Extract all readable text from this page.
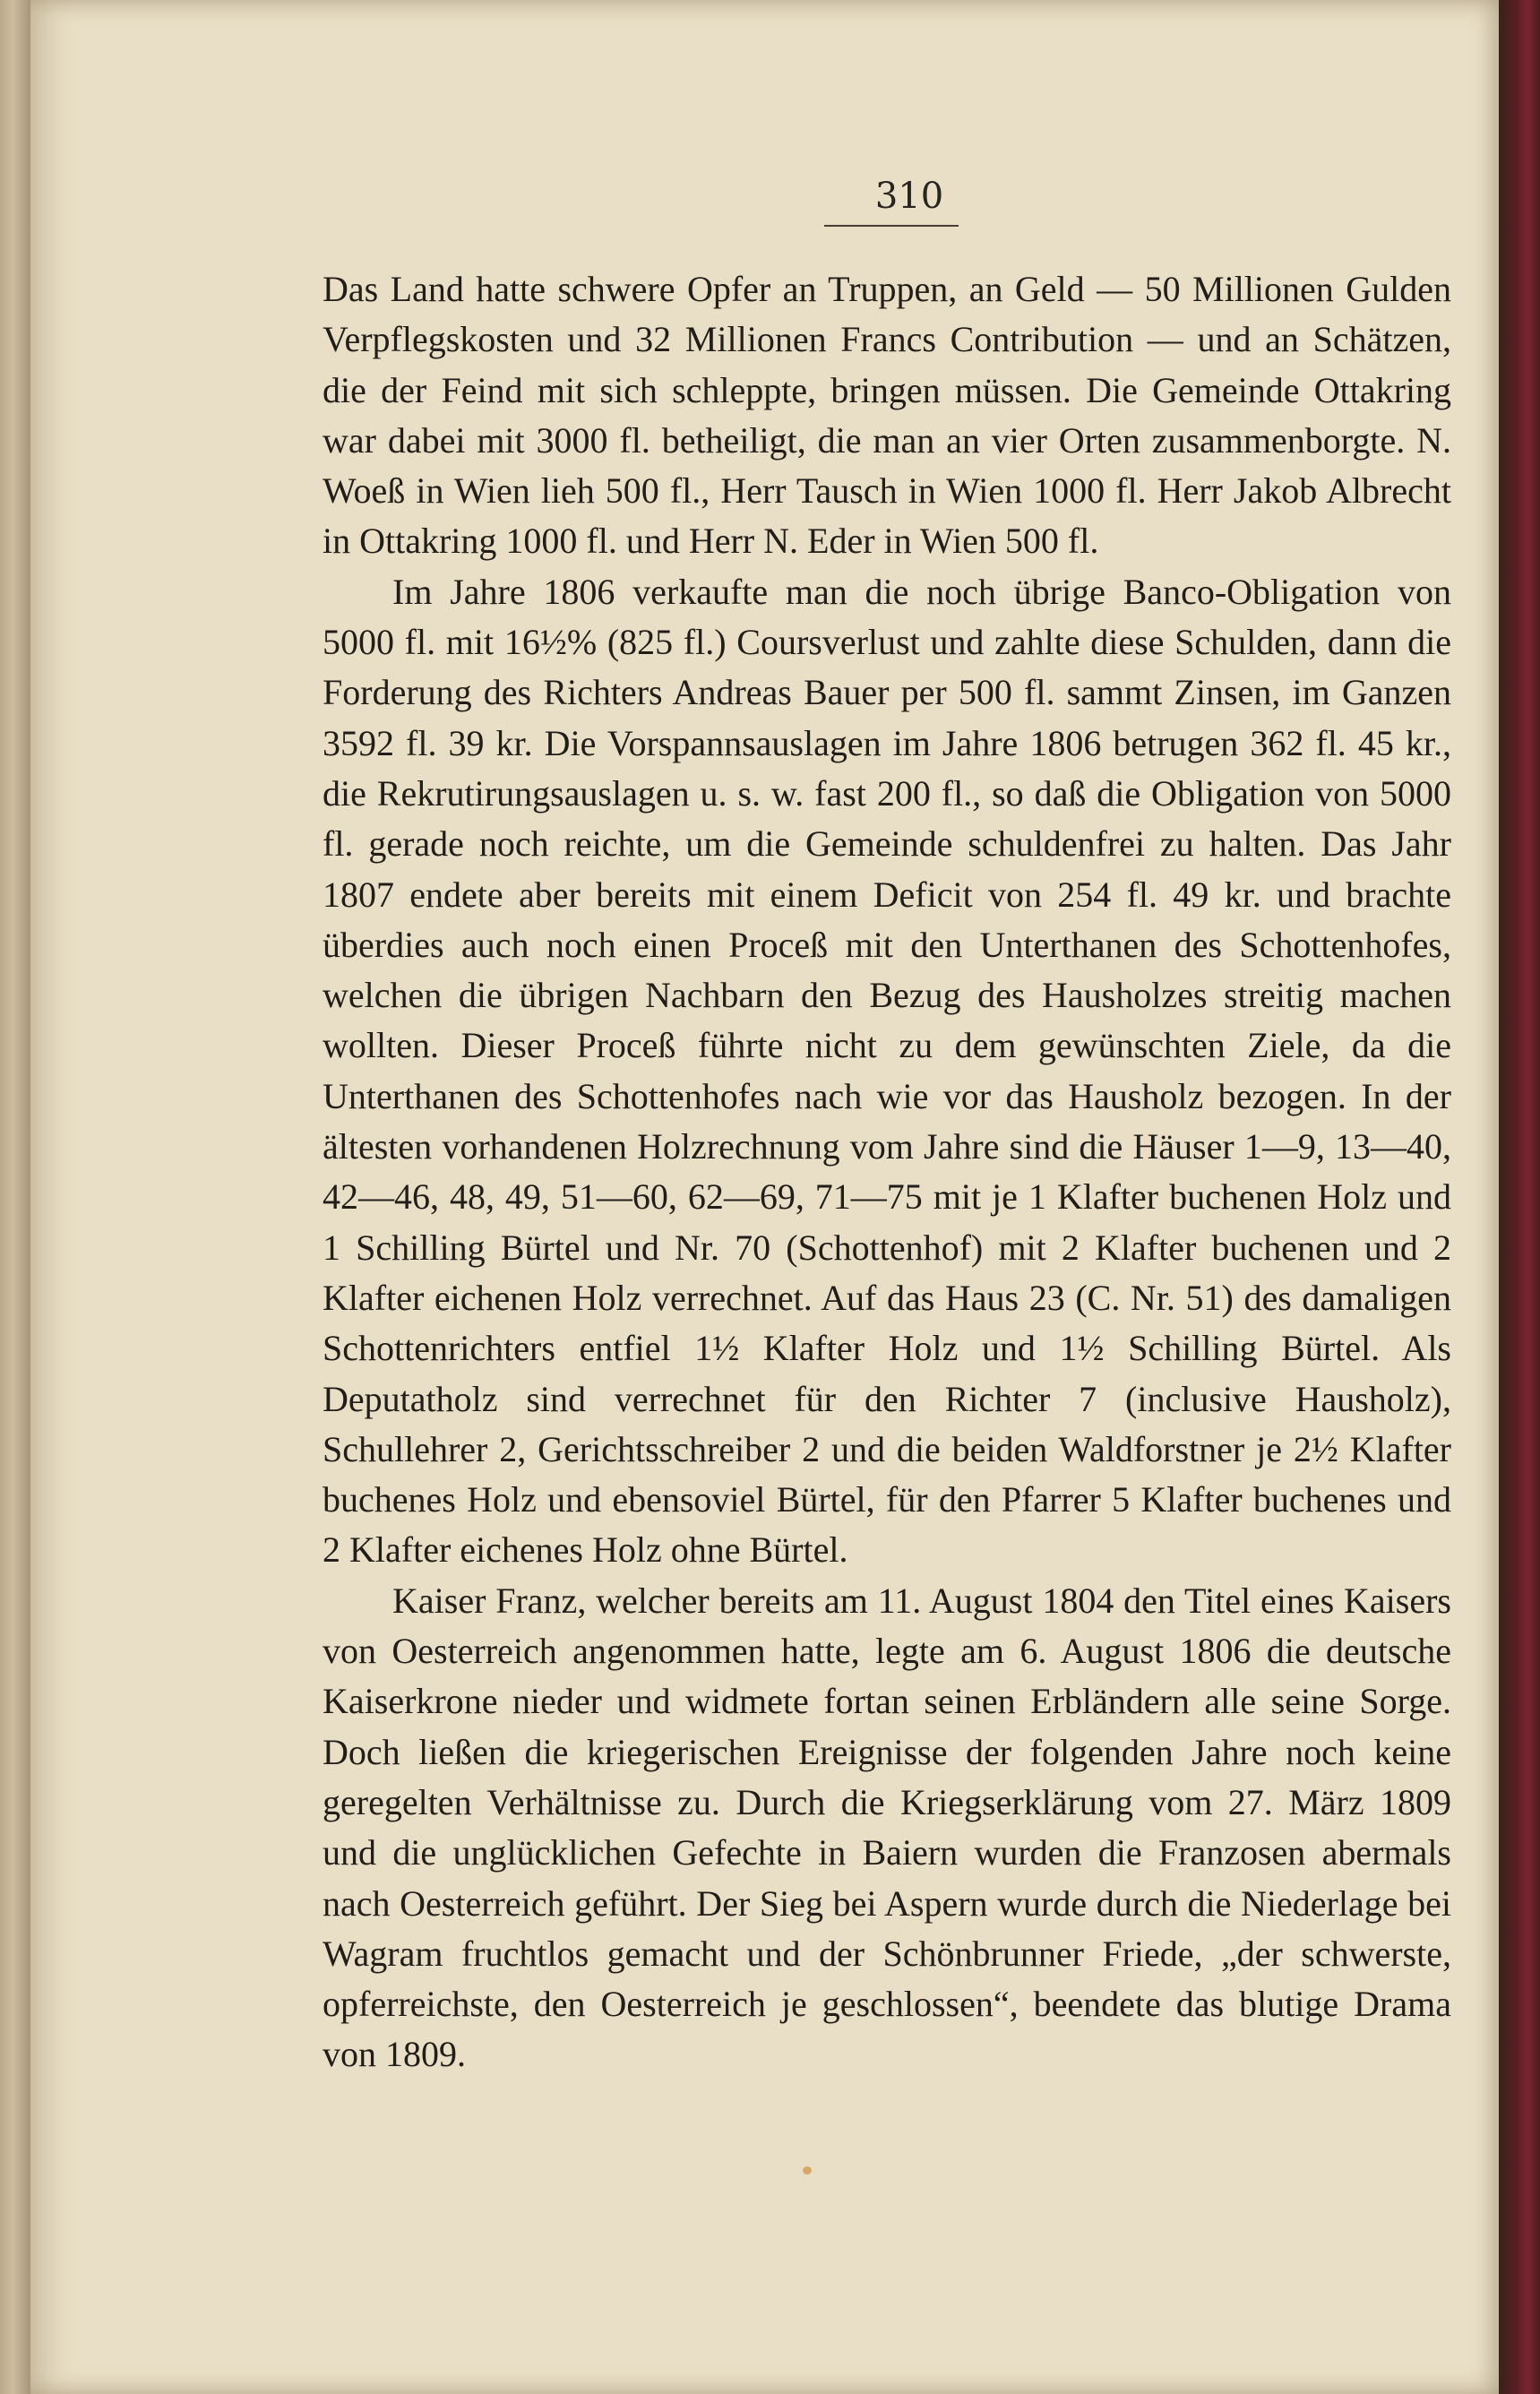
310

Das Land hatte schwere Opfer an Truppen, an Geld — 50 Millionen Gulden Verpflegskosten und 32 Millionen Francs Contribution — und an Schätzen, die der Feind mit sich schleppte, bringen müssen. Die Gemeinde Ottakring war dabei mit 3000 fl. betheiligt, die man an vier Orten zusammenborgte. N. Woeß in Wien lieh 500 fl., Herr Tausch in Wien 1000 fl. Herr Jakob Albrecht in Ottakring 1000 fl. und Herr N. Eder in Wien 500 fl.

Im Jahre 1806 verkaufte man die noch übrige Banco-Obligation von 5000 fl. mit 16½% (825 fl.) Coursverlust und zahlte diese Schulden, dann die Forderung des Richters Andreas Bauer per 500 fl. sammt Zinsen, im Ganzen 3592 fl. 39 kr. Die Vorspannsauslagen im Jahre 1806 betrugen 362 fl. 45 kr., die Rekrutirungsauslagen u. s. w. fast 200 fl., so daß die Obligation von 5000 fl. gerade noch reichte, um die Gemeinde schuldenfrei zu halten. Das Jahr 1807 endete aber bereits mit einem Deficit von 254 fl. 49 kr. und brachte überdies auch noch einen Proceß mit den Unterthanen des Schottenhofes, welchen die übrigen Nachbarn den Bezug des Hausholzes streitig machen wollten. Dieser Proceß führte nicht zu dem gewünschten Ziele, da die Unterthanen des Schottenhofes nach wie vor das Hausholz bezogen. In der ältesten vorhandenen Holzrechnung vom Jahre sind die Häuser 1—9, 13—40, 42—46, 48, 49, 51—60, 62—69, 71—75 mit je 1 Klafter buchenen Holz und 1 Schilling Bürtel und Nr. 70 (Schottenhof) mit 2 Klafter buchenen und 2 Klafter eichenen Holz verrechnet. Auf das Haus 23 (C. Nr. 51) des damaligen Schottenrichters entfiel 1½ Klafter Holz und 1½ Schilling Bürtel. Als Deputatholz sind verrechnet für den Richter 7 (inclusive Hausholz), Schullehrer 2, Gerichtsschreiber 2 und die beiden Waldforstner je 2½ Klafter buchenes Holz und ebensoviel Bürtel, für den Pfarrer 5 Klafter buchenes und 2 Klafter eichenes Holz ohne Bürtel.

Kaiser Franz, welcher bereits am 11. August 1804 den Titel eines Kaisers von Oesterreich angenommen hatte, legte am 6. August 1806 die deutsche Kaiserkrone nieder und widmete fortan seinen Erbländern alle seine Sorge. Doch ließen die kriegerischen Ereignisse der folgenden Jahre noch keine geregelten Verhältnisse zu. Durch die Kriegserklärung vom 27. März 1809 und die unglücklichen Gefechte in Baiern wurden die Franzosen abermals nach Oesterreich geführt. Der Sieg bei Aspern wurde durch die Niederlage bei Wagram fruchtlos gemacht und der Schönbrunner Friede, „der schwerste, opferreichste, den Oesterreich je geschlossen“, beendete das blutige Drama von 1809.
